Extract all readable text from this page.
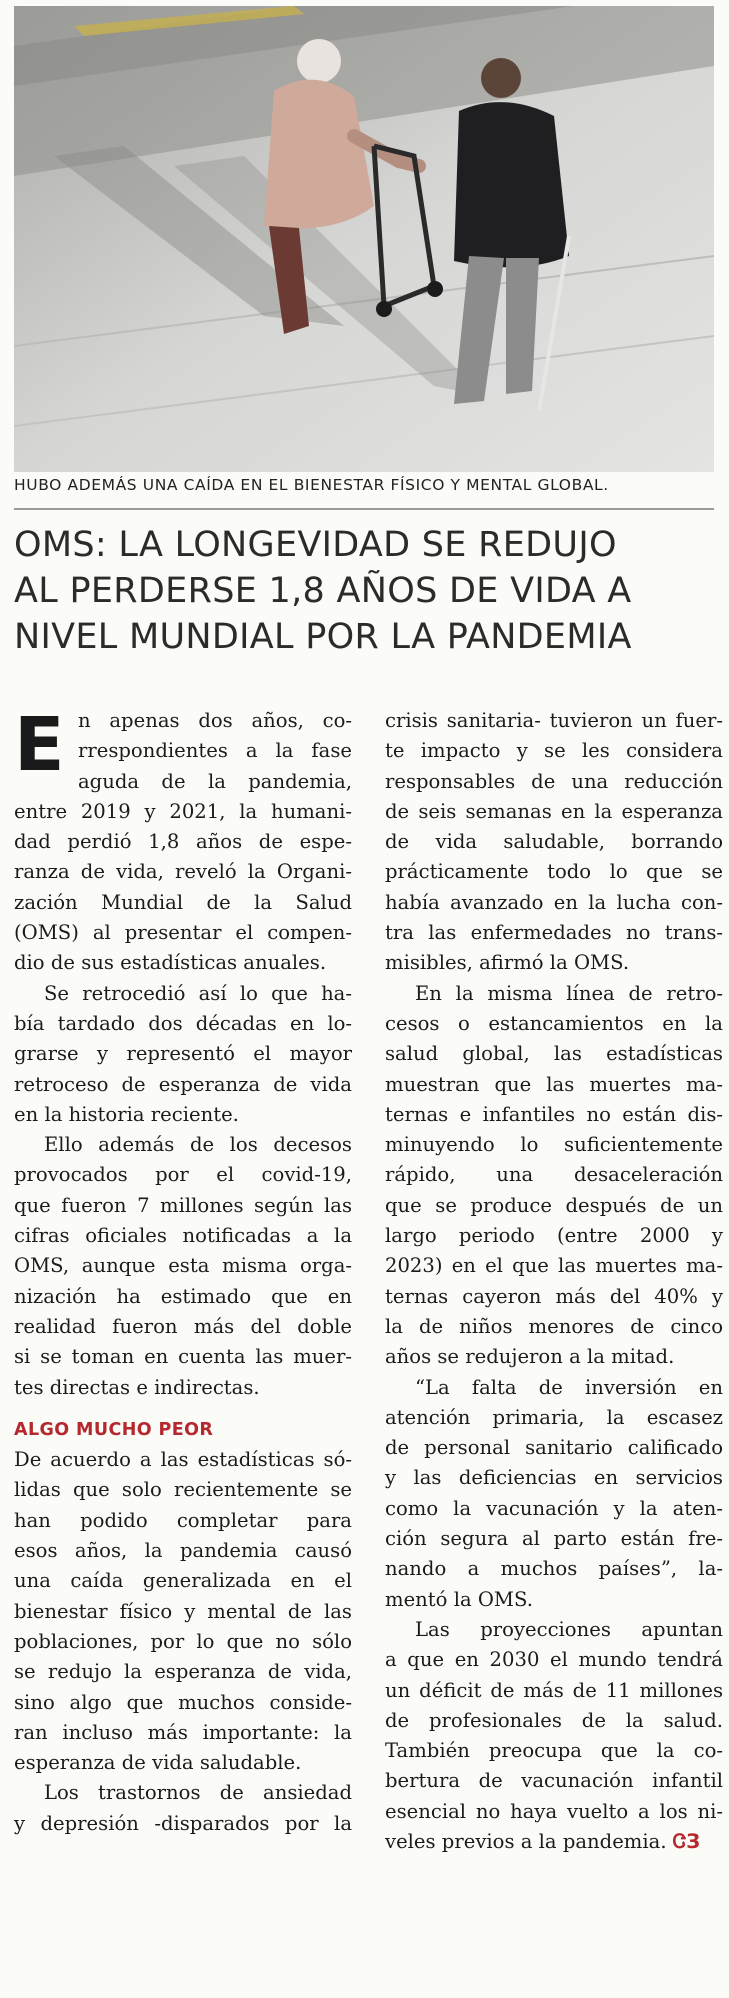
HUBO ADEMÁS UNA CAÍDA EN EL BIENESTAR FÍSICO Y MENTAL GLOBAL.
OMS: LA LONGEVIDAD SE REDUJO
AL PERDERSE 1,8 AÑOS DE VIDA A
NIVEL MUNDIAL POR LA PANDEMIA
E n apenas dos años, co-
rrespondientes a la fase
aguda de la pandemia,
entre 2019 y 2021, la humani-
dad perdió 1,8 años de espe-
ranza de vida, reveló la Organi-
zación Mundial de la Salud
(OMS) al presentar el compen-
dio de sus estadísticas anuales.
Se retrocedió así lo que ha-
bía tardado dos décadas en lo-
grarse y representó el mayor
retroceso de esperanza de vida
en la historia reciente.
Ello además de los decesos
provocados por el covid-19,
que fueron 7 millones según las
cifras oficiales notificadas a la
OMS, aunque esta misma orga-
nización ha estimado que en
realidad fueron más del doble
si se toman en cuenta las muer-
tes directas e indirectas.
ALGO MUCHO PEOR
De acuerdo a las estadísticas só-
lidas que solo recientemente se
han podido completar para
esos años, la pandemia causó
una caída generalizada en el
bienestar físico y mental de las
poblaciones, por lo que no sólo
se redujo la esperanza de vida,
sino algo que muchos conside-
ran incluso más importante: la
esperanza de vida saludable.
Los trastornos de ansiedad
y depresión -disparados por la
crisis sanitaria- tuvieron un fuer-
te impacto y se les considera
responsables de una reducción
de seis semanas en la esperanza
de vida saludable, borrando
prácticamente todo lo que se
había avanzado en la lucha con-
tra las enfermedades no trans-
misibles, afirmó la OMS.
En la misma línea de retro-
cesos o estancamientos en la
salud global, las estadísticas
muestran que las muertes ma-
ternas e infantiles no están dis-
minuyendo lo suficientemente
rápido, una desaceleración
que se produce después de un
largo periodo (entre 2000 y
2023) en el que las muertes ma-
ternas cayeron más del 40% y
la de niños menores de cinco
años se redujeron a la mitad.
“La falta de inversión en
atención primaria, la escasez
de personal sanitario calificado
y las deficiencias en servicios
como la vacunación y la aten-
ción segura al parto están fre-
nando a muchos países”, la-
mentó la OMS.
Las proyecciones apuntan
a que en 2030 el mundo tendrá
un déficit de más de 11 millones
de profesionales de la salud.
También preocupa que la co-
bertura de vacunación infantil
esencial no haya vuelto a los ni-
veles previos a la pandemia. ᏣЗ
